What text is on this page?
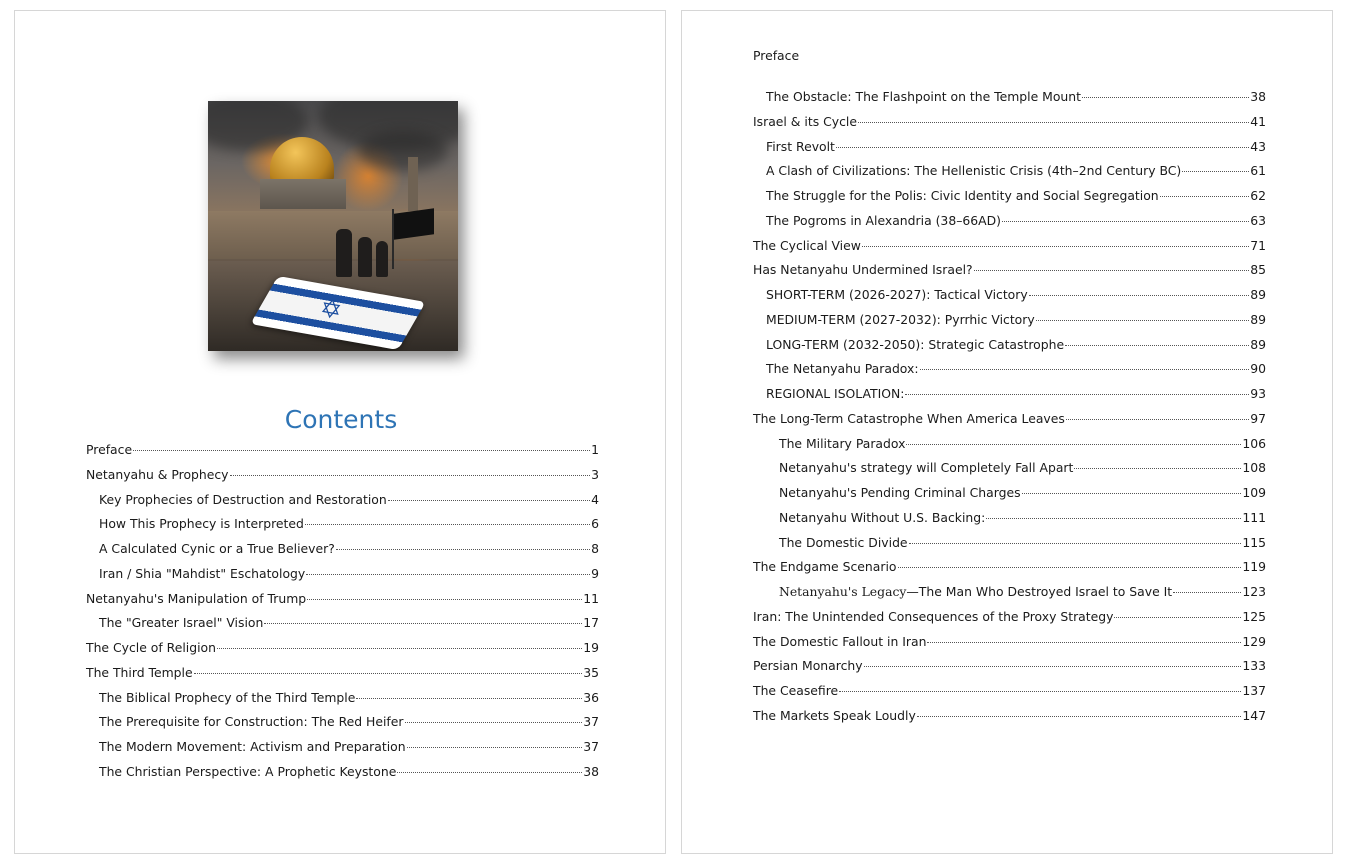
✡
Contents
Preface	1
Netanyahu & Prophecy	3
Key Prophecies of Destruction and Restoration	4
How This Prophecy is Interpreted	6
A Calculated Cynic or a True Believer?	8
Iran / Shia "Mahdist" Eschatology	9
Netanyahu's Manipulation of Trump	11
The "Greater Israel" Vision	17
The Cycle of Religion	19
The Third Temple	35
The Biblical Prophecy of the Third Temple	36
The Prerequisite for Construction: The Red Heifer	37
The Modern Movement: Activism and Preparation	37
The Christian Perspective: A Prophetic Keystone	38
Preface
The Obstacle: The Flashpoint on the Temple Mount	38
Israel & its Cycle	41
First Revolt	43
A Clash of Civilizations: The Hellenistic Crisis (4th–2nd Century BC)	61
The Struggle for the Polis: Civic Identity and Social Segregation	62
The Pogroms in Alexandria (38–66AD)	63
The Cyclical View	71
Has Netanyahu Undermined Israel?	85
SHORT-TERM (2026-2027): Tactical Victory	89
MEDIUM-TERM (2027-2032): Pyrrhic Victory	89
LONG-TERM (2032-2050): Strategic Catastrophe	89
The Netanyahu Paradox:	90
REGIONAL ISOLATION:	93
The Long-Term Catastrophe When America Leaves	97
The Military Paradox	106
Netanyahu's strategy will Completely Fall Apart	108
Netanyahu's Pending Criminal Charges	109
Netanyahu Without U.S. Backing:	111
The Domestic Divide	115
The Endgame Scenario	119
Netanyahu's Legacy—The Man Who Destroyed Israel to Save It	123
Iran: The Unintended Consequences of the Proxy Strategy	125
The Domestic Fallout in Iran	129
Persian Monarchy	133
The Ceasefire	137
The Markets Speak Loudly	147
